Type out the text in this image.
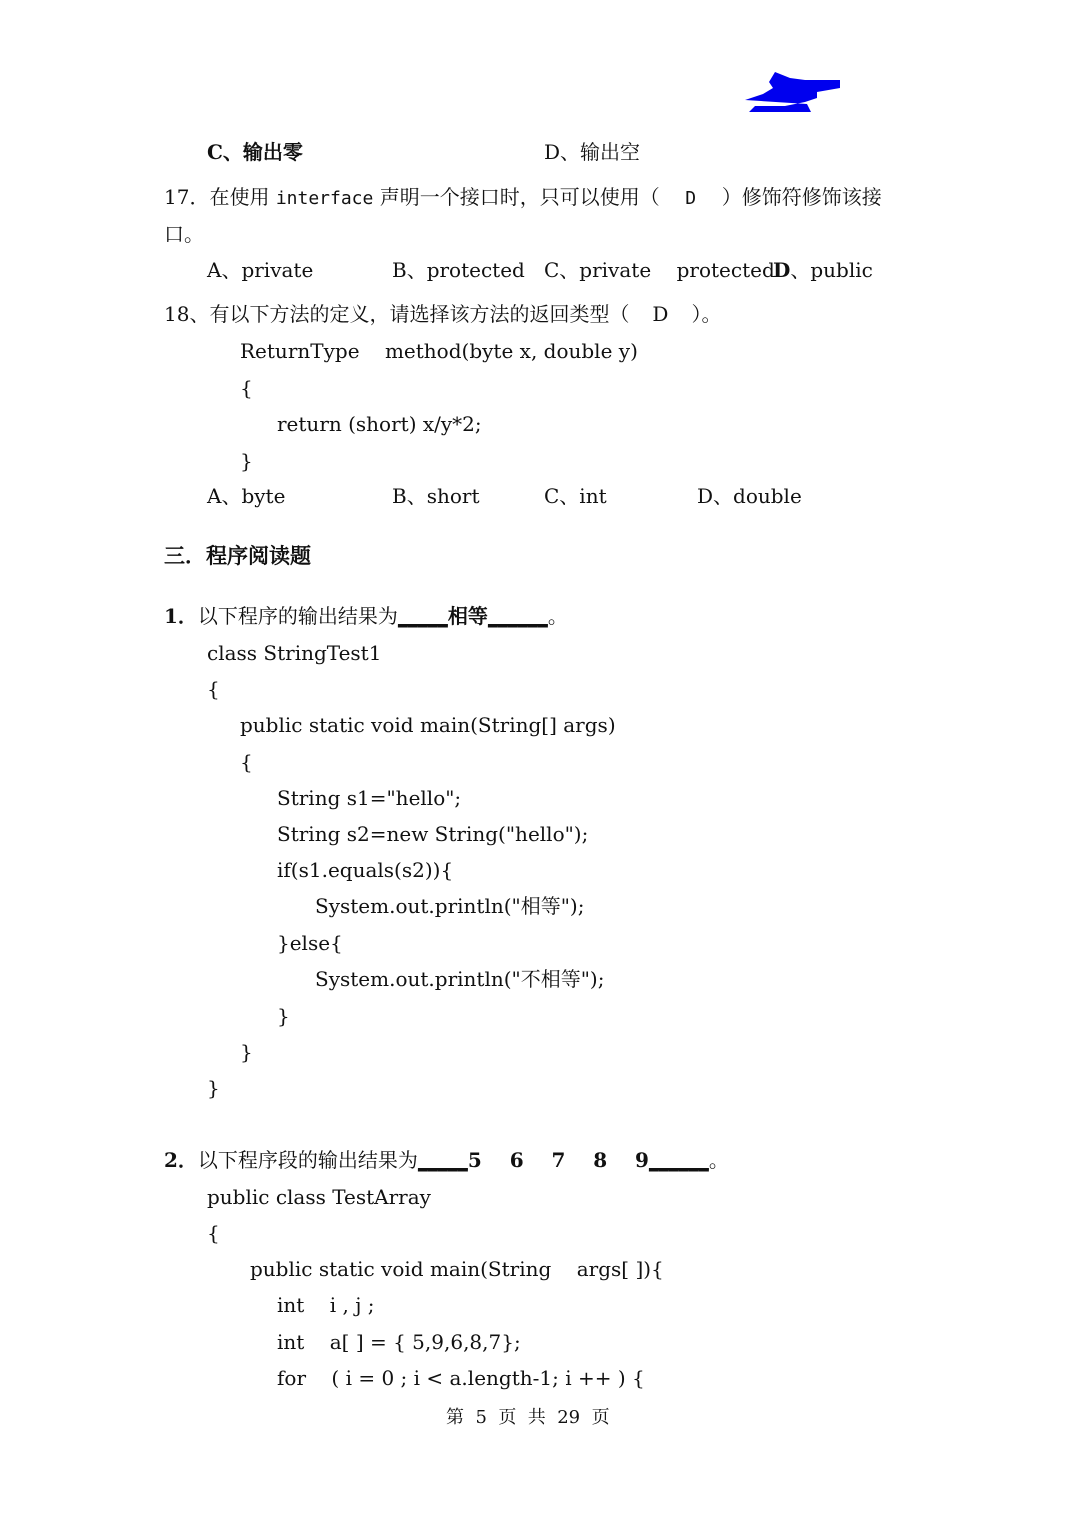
C、输出零	D、输出空
17．在使用 interface 声明一个接口时，只可以使用（ D ）修饰符修饰该接
口。
A、private	B、protected C、private    protected
D、public
18、有以下方法的定义，请选择该方法的返回类型（ D ）。
ReturnType    method(byte x, double y)
{
return (short) x/y*2;
}
A、byte	B、short	C、int	D、double
三．程序阅读题
1．以下程序的输出结果为_____相等______。
class StringTest1
{
public static void main(String[] args)
{
String s1="hello";
String s2=new String("hello");
if(s1.equals(s2)){
System.out.println("相等");
}else{
System.out.println("不相等");
}
}
}
2．以下程序段的输出结果为_____5    6    7    8    9______。
public class TestArray
{
public static void main(String    args[ ]){
int    i , j ;
int    a[ ] = { 5,9,6,8,7};
for    ( i = 0 ; i < a.length-1; i ++ ) {
第  5  页  共  29  页
